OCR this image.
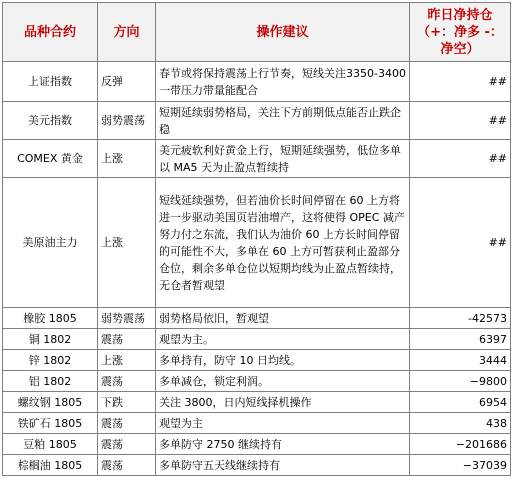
品种合约	方向	操作建议	昨日净持仓（+：净多 -：净空）
上证指数	反弹	春节或将保持震荡上行节奏，短线关注3350-3400一带压力带量能配合	##
美元指数	弱势震荡	短期延续弱势格局，关注下方前期低点能否止跌企稳	##
COMEX 黄金	上涨	美元疲软利好黄金上行，短期延续强势，低位多单以 MA5 天为止盈点暂续持	##
美原油主力	上涨	短线延续强势，但若油价长时间停留在 60 上方将进一步驱动美国页岩油增产，这将使得 OPEC 减产努力付之东流，我们认为油价 60 上方长时间停留的可能性不大，多单在 60 上方可暂获利止盈部分仓位，剩余多单仓位以短期均线为止盈点暂续持，无仓者暂观望	##
橡胶 1805	弱势震荡	弱势格局依旧，暂观望	-42573
铜 1802	震荡	观望为主。	6397
锌 1802	上涨	多单持有，防守 10 日均线。	3444
铝 1802	震荡	多单减仓，锁定利润。	−9800
螺纹钢 1805	下跌	关注 3800，日内短线择机操作	6954
铁矿石 1805	震荡	观望为主	438
豆粕 1805	震荡	多单防守 2750 继续持有	−201686
棕榈油 1805	震荡	多单防守五天线继续持有	−37039
